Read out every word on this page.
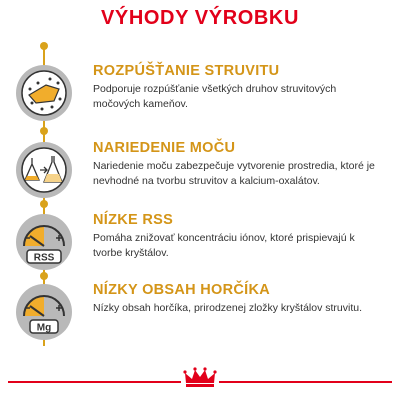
VÝHODY VÝROBKU
ROZPÚŠŤANIE STRUVITU
Podporuje rozpúšťanie všetkých druhov struvitových močových kameňov.
NARIEDENIE MOČU
Nariedenie moču zabezpečuje vytvorenie prostredia, ktoré je nevhodné na tvorbu struvitov a kalcium-oxalátov.
RSS
NÍZKE RSS
Pomáha znižovať koncentráciu iónov, ktoré prispievajú k tvorbe kryštálov.
Mg
NÍZKY OBSAH HORČÍKA
Nízky obsah horčíka, prirodzenej zložky kryštálov struvitu.
